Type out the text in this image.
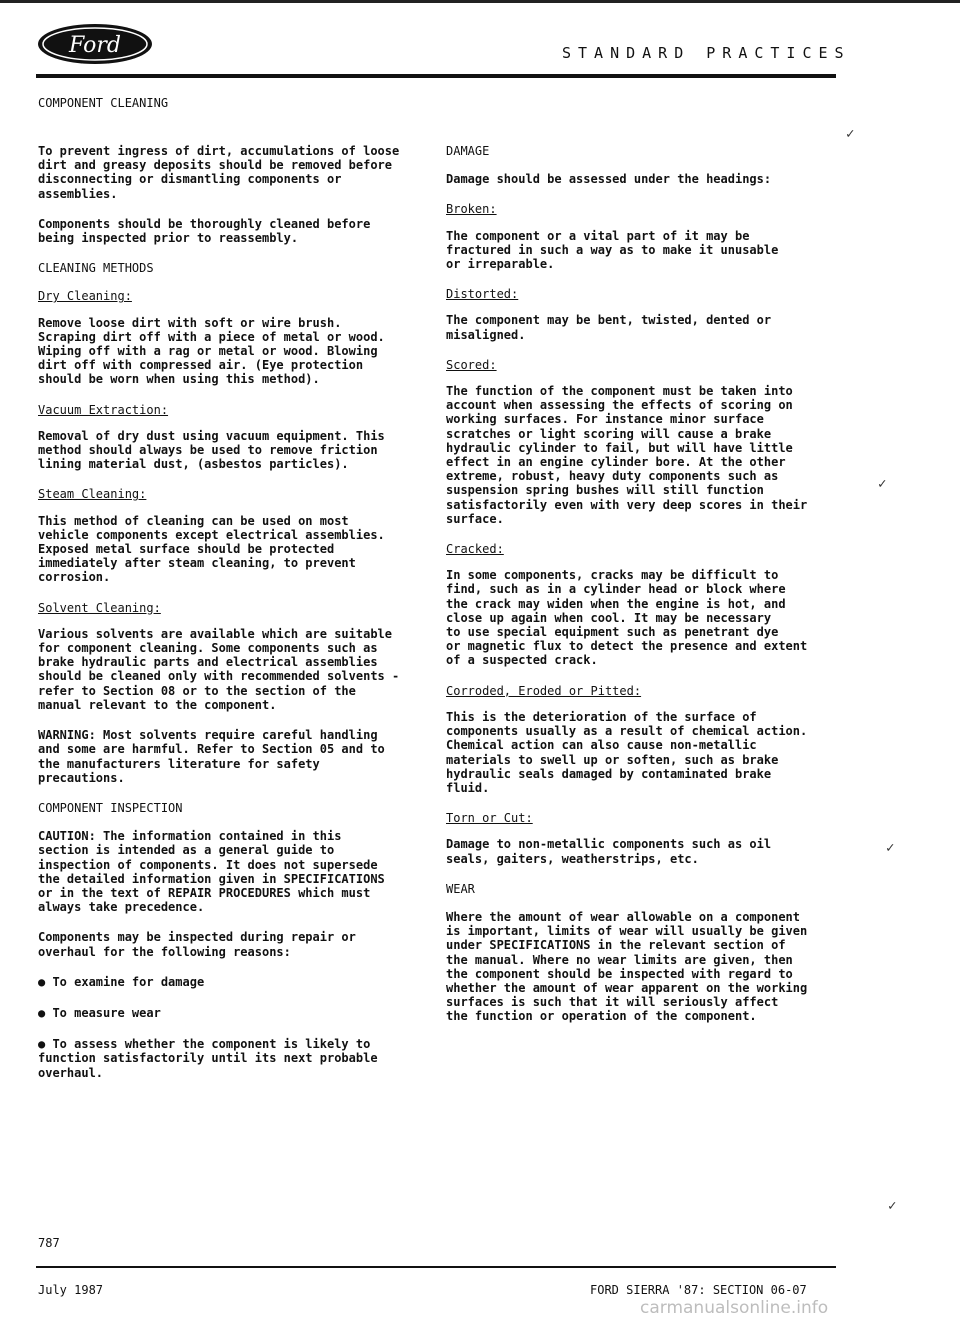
Ford	STANDARD PRACTICES
COMPONENT CLEANING

To prevent ingress of dirt, accumulations of loose
dirt and greasy deposits should be removed before
disconnecting or dismantling components or
assemblies.

Components should be thoroughly cleaned before
being inspected prior to reassembly.

CLEANING METHODS

Dry Cleaning:

Remove loose dirt with soft or wire brush.
Scraping dirt off with a piece of metal or wood.
Wiping off with a rag or metal or wood. Blowing
dirt off with compressed air. (Eye protection
should be worn when using this method).

Vacuum Extraction:

Removal of dry dust using vacuum equipment. This
method should always be used to remove friction
lining material dust, (asbestos particles).

Steam Cleaning:

This method of cleaning can be used on most
vehicle components except electrical assemblies.
Exposed metal surface should be protected
immediately after steam cleaning, to prevent
corrosion.

Solvent Cleaning:

Various solvents are available which are suitable
for component cleaning. Some components such as
brake hydraulic parts and electrical assemblies
should be cleaned only with recommended solvents -
refer to Section 08 or to the section of the
manual relevant to the component.

WARNING: Most solvents require careful handling
and some are harmful. Refer to Section 05 and to
the manufacturers literature for safety
precautions.

COMPONENT INSPECTION

CAUTION: The information contained in this
section is intended as a general guide to
inspection of components. It does not supersede
the detailed information given in SPECIFICATIONS
or in the text of REPAIR PROCEDURES which must
always take precedence.

Components may be inspected during repair or
overhaul for the following reasons:

● To examine for damage

● To measure wear

● To assess whether the component is likely to
function satisfactorily until its next probable
overhaul.

DAMAGE

Damage should be assessed under the headings:

Broken:

The component or a vital part of it may be
fractured in such a way as to make it unusable
or irreparable.

Distorted:

The component may be bent, twisted, dented or
misaligned.

Scored:

The function of the component must be taken into
account when assessing the effects of scoring on
working surfaces. For instance minor surface
scratches or light scoring will cause a brake
hydraulic cylinder to fail, but will have little
effect in an engine cylinder bore. At the other
extreme, robust, heavy duty components such as
suspension spring bushes will still function
satisfactorily even with very deep scores in their
surface.

Cracked:

In some components, cracks may be difficult to
find, such as in a cylinder head or block where
the crack may widen when the engine is hot, and
close up again when cool. It may be necessary
to use special equipment such as penetrant dye
or magnetic flux to detect the presence and extent
of a suspected crack.

Corroded, Eroded or Pitted:

This is the deterioration of the surface of
components usually as a result of chemical action.
Chemical action can also cause non-metallic
materials to swell up or soften, such as brake
hydraulic seals damaged by contaminated brake
fluid.

Torn or Cut:

Damage to non-metallic components such as oil
seals, gaiters, weatherstrips, etc.

WEAR

Where the amount of wear allowable on a component
is important, limits of wear will usually be given
under SPECIFICATIONS in the relevant section of
the manual. Where no wear limits are given, then
the component should be inspected with regard to
whether the amount of wear apparent on the working
surfaces is such that it will seriously affect
the function or operation of the component.

✓
✓
✓
✓
787
July 1987	FORD SIERRA '87: SECTION 06-07
carmanualsonline.info
